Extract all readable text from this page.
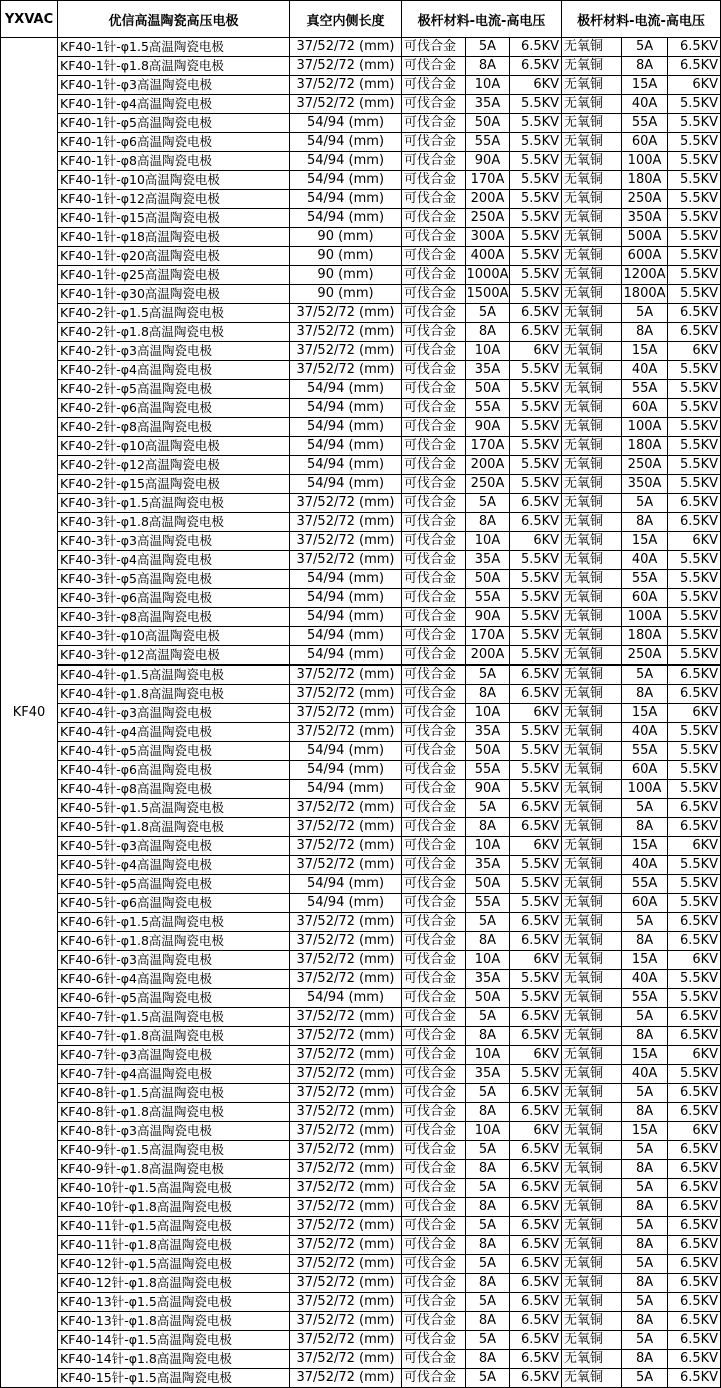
YXVAC	优信高温陶瓷高压电极	真空内侧长度	极杆材料-电流-高电压			极杆材料-电流-高电压		
KF40	KF40-1针-φ1.5高温陶瓷电极	37/52/72 (mm)	可伐合金	5A	6.5KV	无氧铜	5A	6.5KV
	KF40-1针-φ1.8高温陶瓷电极	37/52/72 (mm)	可伐合金	8A	6.5KV	无氧铜	8A	6.5KV
	KF40-1针-φ3高温陶瓷电极	37/52/72 (mm)	可伐合金	10A	6KV	无氧铜	15A	6KV
	KF40-1针-φ4高温陶瓷电极	37/52/72 (mm)	可伐合金	35A	5.5KV	无氧铜	40A	5.5KV
	KF40-1针-φ5高温陶瓷电极	54/94 (mm)	可伐合金	50A	5.5KV	无氧铜	55A	5.5KV
	KF40-1针-φ6高温陶瓷电极	54/94 (mm)	可伐合金	55A	5.5KV	无氧铜	60A	5.5KV
	KF40-1针-φ8高温陶瓷电极	54/94 (mm)	可伐合金	90A	5.5KV	无氧铜	100A	5.5KV
	KF40-1针-φ10高温陶瓷电极	54/94 (mm)	可伐合金	170A	5.5KV	无氧铜	180A	5.5KV
	KF40-1针-φ12高温陶瓷电极	54/94 (mm)	可伐合金	200A	5.5KV	无氧铜	250A	5.5KV
	KF40-1针-φ15高温陶瓷电极	54/94 (mm)	可伐合金	250A	5.5KV	无氧铜	350A	5.5KV
	KF40-1针-φ18高温陶瓷电极	90 (mm)	可伐合金	300A	5.5KV	无氧铜	500A	5.5KV
	KF40-1针-φ20高温陶瓷电极	90 (mm)	可伐合金	400A	5.5KV	无氧铜	600A	5.5KV
	KF40-1针-φ25高温陶瓷电极	90 (mm)	可伐合金	1000A	5.5KV	无氧铜	1200A	5.5KV
	KF40-1针-φ30高温陶瓷电极	90 (mm)	可伐合金	1500A	5.5KV	无氧铜	1800A	5.5KV
	KF40-2针-φ1.5高温陶瓷电极	37/52/72 (mm)	可伐合金	5A	6.5KV	无氧铜	5A	6.5KV
	KF40-2针-φ1.8高温陶瓷电极	37/52/72 (mm)	可伐合金	8A	6.5KV	无氧铜	8A	6.5KV
	KF40-2针-φ3高温陶瓷电极	37/52/72 (mm)	可伐合金	10A	6KV	无氧铜	15A	6KV
	KF40-2针-φ4高温陶瓷电极	37/52/72 (mm)	可伐合金	35A	5.5KV	无氧铜	40A	5.5KV
	KF40-2针-φ5高温陶瓷电极	54/94 (mm)	可伐合金	50A	5.5KV	无氧铜	55A	5.5KV
	KF40-2针-φ6高温陶瓷电极	54/94 (mm)	可伐合金	55A	5.5KV	无氧铜	60A	5.5KV
	KF40-2针-φ8高温陶瓷电极	54/94 (mm)	可伐合金	90A	5.5KV	无氧铜	100A	5.5KV
	KF40-2针-φ10高温陶瓷电极	54/94 (mm)	可伐合金	170A	5.5KV	无氧铜	180A	5.5KV
	KF40-2针-φ12高温陶瓷电极	54/94 (mm)	可伐合金	200A	5.5KV	无氧铜	250A	5.5KV
	KF40-2针-φ15高温陶瓷电极	54/94 (mm)	可伐合金	250A	5.5KV	无氧铜	350A	5.5KV
	KF40-3针-φ1.5高温陶瓷电极	37/52/72 (mm)	可伐合金	5A	6.5KV	无氧铜	5A	6.5KV
	KF40-3针-φ1.8高温陶瓷电极	37/52/72 (mm)	可伐合金	8A	6.5KV	无氧铜	8A	6.5KV
	KF40-3针-φ3高温陶瓷电极	37/52/72 (mm)	可伐合金	10A	6KV	无氧铜	15A	6KV
	KF40-3针-φ4高温陶瓷电极	37/52/72 (mm)	可伐合金	35A	5.5KV	无氧铜	40A	5.5KV
	KF40-3针-φ5高温陶瓷电极	54/94 (mm)	可伐合金	50A	5.5KV	无氧铜	55A	5.5KV
	KF40-3针-φ6高温陶瓷电极	54/94 (mm)	可伐合金	55A	5.5KV	无氧铜	60A	5.5KV
	KF40-3针-φ8高温陶瓷电极	54/94 (mm)	可伐合金	90A	5.5KV	无氧铜	100A	5.5KV
	KF40-3针-φ10高温陶瓷电极	54/94 (mm)	可伐合金	170A	5.5KV	无氧铜	180A	5.5KV
	KF40-3针-φ12高温陶瓷电极	54/94 (mm)	可伐合金	200A	5.5KV	无氧铜	250A	5.5KV
	KF40-4针-φ1.5高温陶瓷电极	37/52/72 (mm)	可伐合金	5A	6.5KV	无氧铜	5A	6.5KV
	KF40-4针-φ1.8高温陶瓷电极	37/52/72 (mm)	可伐合金	8A	6.5KV	无氧铜	8A	6.5KV
	KF40-4针-φ3高温陶瓷电极	37/52/72 (mm)	可伐合金	10A	6KV	无氧铜	15A	6KV
	KF40-4针-φ4高温陶瓷电极	37/52/72 (mm)	可伐合金	35A	5.5KV	无氧铜	40A	5.5KV
	KF40-4针-φ5高温陶瓷电极	54/94 (mm)	可伐合金	50A	5.5KV	无氧铜	55A	5.5KV
	KF40-4针-φ6高温陶瓷电极	54/94 (mm)	可伐合金	55A	5.5KV	无氧铜	60A	5.5KV
	KF40-4针-φ8高温陶瓷电极	54/94 (mm)	可伐合金	90A	5.5KV	无氧铜	100A	5.5KV
	KF40-5针-φ1.5高温陶瓷电极	37/52/72 (mm)	可伐合金	5A	6.5KV	无氧铜	5A	6.5KV
	KF40-5针-φ1.8高温陶瓷电极	37/52/72 (mm)	可伐合金	8A	6.5KV	无氧铜	8A	6.5KV
	KF40-5针-φ3高温陶瓷电极	37/52/72 (mm)	可伐合金	10A	6KV	无氧铜	15A	6KV
	KF40-5针-φ4高温陶瓷电极	37/52/72 (mm)	可伐合金	35A	5.5KV	无氧铜	40A	5.5KV
	KF40-5针-φ5高温陶瓷电极	54/94 (mm)	可伐合金	50A	5.5KV	无氧铜	55A	5.5KV
	KF40-5针-φ6高温陶瓷电极	54/94 (mm)	可伐合金	55A	5.5KV	无氧铜	60A	5.5KV
	KF40-6针-φ1.5高温陶瓷电极	37/52/72 (mm)	可伐合金	5A	6.5KV	无氧铜	5A	6.5KV
	KF40-6针-φ1.8高温陶瓷电极	37/52/72 (mm)	可伐合金	8A	6.5KV	无氧铜	8A	6.5KV
	KF40-6针-φ3高温陶瓷电极	37/52/72 (mm)	可伐合金	10A	6KV	无氧铜	15A	6KV
	KF40-6针-φ4高温陶瓷电极	37/52/72 (mm)	可伐合金	35A	5.5KV	无氧铜	40A	5.5KV
	KF40-6针-φ5高温陶瓷电极	54/94 (mm)	可伐合金	50A	5.5KV	无氧铜	55A	5.5KV
	KF40-7针-φ1.5高温陶瓷电极	37/52/72 (mm)	可伐合金	5A	6.5KV	无氧铜	5A	6.5KV
	KF40-7针-φ1.8高温陶瓷电极	37/52/72 (mm)	可伐合金	8A	6.5KV	无氧铜	8A	6.5KV
	KF40-7针-φ3高温陶瓷电极	37/52/72 (mm)	可伐合金	10A	6KV	无氧铜	15A	6KV
	KF40-7针-φ4高温陶瓷电极	37/52/72 (mm)	可伐合金	35A	5.5KV	无氧铜	40A	5.5KV
	KF40-8针-φ1.5高温陶瓷电极	37/52/72 (mm)	可伐合金	5A	6.5KV	无氧铜	5A	6.5KV
	KF40-8针-φ1.8高温陶瓷电极	37/52/72 (mm)	可伐合金	8A	6.5KV	无氧铜	8A	6.5KV
	KF40-8针-φ3高温陶瓷电极	37/52/72 (mm)	可伐合金	10A	6KV	无氧铜	15A	6KV
	KF40-9针-φ1.5高温陶瓷电极	37/52/72 (mm)	可伐合金	5A	6.5KV	无氧铜	5A	6.5KV
	KF40-9针-φ1.8高温陶瓷电极	37/52/72 (mm)	可伐合金	8A	6.5KV	无氧铜	8A	6.5KV
	KF40-10针-φ1.5高温陶瓷电极	37/52/72 (mm)	可伐合金	5A	6.5KV	无氧铜	5A	6.5KV
	KF40-10针-φ1.8高温陶瓷电极	37/52/72 (mm)	可伐合金	8A	6.5KV	无氧铜	8A	6.5KV
	KF40-11针-φ1.5高温陶瓷电极	37/52/72 (mm)	可伐合金	5A	6.5KV	无氧铜	5A	6.5KV
	KF40-11针-φ1.8高温陶瓷电极	37/52/72 (mm)	可伐合金	8A	6.5KV	无氧铜	8A	6.5KV
	KF40-12针-φ1.5高温陶瓷电极	37/52/72 (mm)	可伐合金	5A	6.5KV	无氧铜	5A	6.5KV
	KF40-12针-φ1.8高温陶瓷电极	37/52/72 (mm)	可伐合金	8A	6.5KV	无氧铜	8A	6.5KV
	KF40-13针-φ1.5高温陶瓷电极	37/52/72 (mm)	可伐合金	5A	6.5KV	无氧铜	5A	6.5KV
	KF40-13针-φ1.8高温陶瓷电极	37/52/72 (mm)	可伐合金	8A	6.5KV	无氧铜	8A	6.5KV
	KF40-14针-φ1.5高温陶瓷电极	37/52/72 (mm)	可伐合金	5A	6.5KV	无氧铜	5A	6.5KV
	KF40-14针-φ1.8高温陶瓷电极	37/52/72 (mm)	可伐合金	8A	6.5KV	无氧铜	8A	6.5KV
	KF40-15针-φ1.5高温陶瓷电极	37/52/72 (mm)	可伐合金	5A	6.5KV	无氧铜	5A	6.5KV
